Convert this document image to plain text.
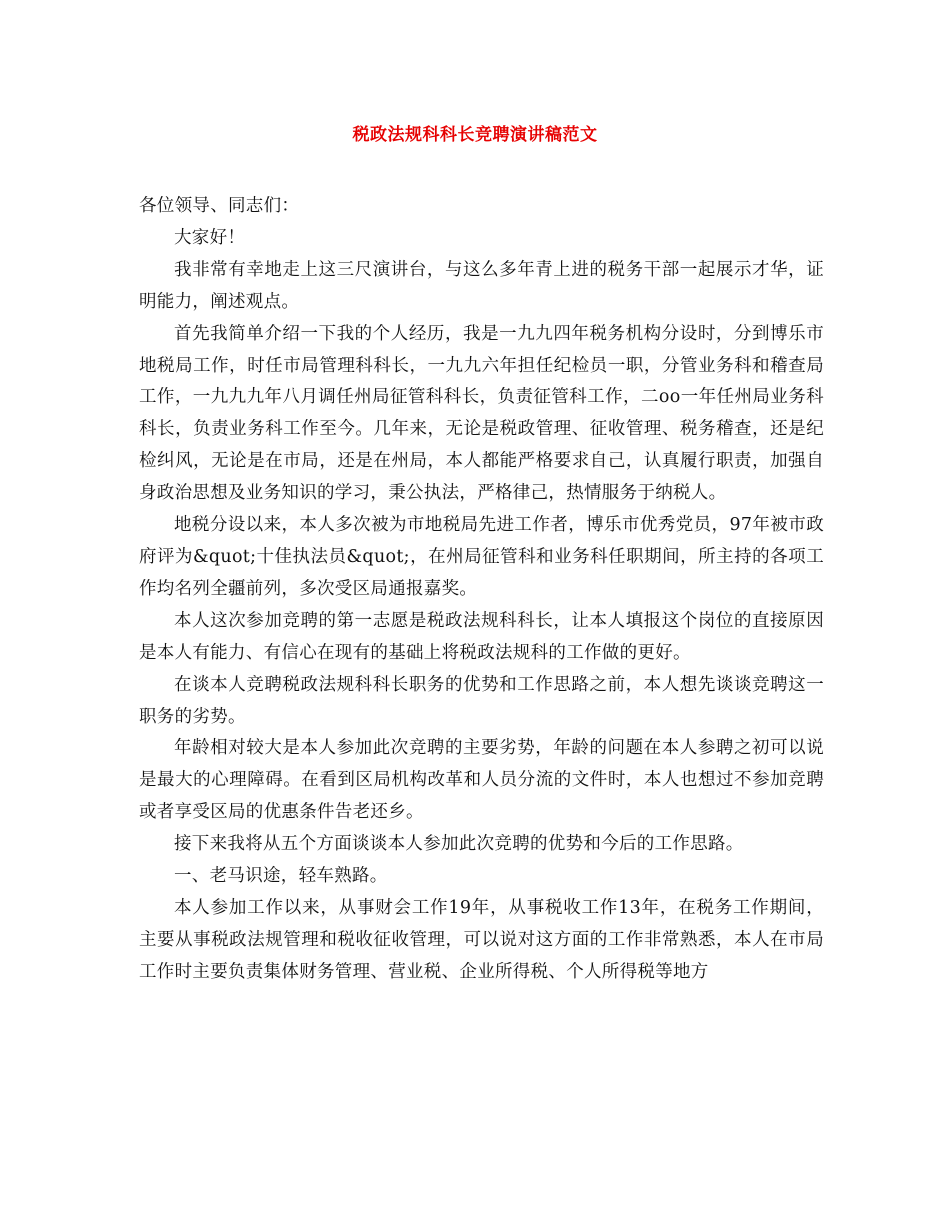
税政法规科科长竞聘演讲稿范文

各位领导、同志们：

大家好！

我非常有幸地走上这三尺演讲台，与这么多年青上进的税务干部一起展示才华，证明能力，阐述观点。

首先我简单介绍一下我的个人经历，我是一九九四年税务机构分设时，分到博乐市地税局工作，时任市局管理科科长，一九九六年担任纪检员一职，分管业务科和稽查局工作，一九九九年八月调任州局征管科科长，负责征管科工作，二oo一年任州局业务科科长，负责业务科工作至今。几年来，无论是税政管理、征收管理、税务稽查，还是纪检纠风，无论是在市局，还是在州局，本人都能严格要求自己，认真履行职责，加强自身政治思想及业务知识的学习，秉公执法，严格律己，热情服务于纳税人。

地税分设以来，本人多次被为市地税局先进工作者，博乐市优秀党员，97年被市政府评为&quot;十佳执法员&quot;，在州局征管科和业务科任职期间，所主持的各项工作均名列全疆前列，多次受区局通报嘉奖。

本人这次参加竞聘的第一志愿是税政法规科科长，让本人填报这个岗位的直接原因是本人有能力、有信心在现有的基础上将税政法规科的工作做的更好。

在谈本人竞聘税政法规科科长职务的优势和工作思路之前，本人想先谈谈竞聘这一职务的劣势。

年龄相对较大是本人参加此次竞聘的主要劣势，年龄的问题在本人参聘之初可以说是最大的心理障碍。在看到区局机构改革和人员分流的文件时，本人也想过不参加竞聘或者享受区局的优惠条件告老还乡。

接下来我将从五个方面谈谈本人参加此次竞聘的优势和今后的工作思路。

一、老马识途，轻车熟路。

本人参加工作以来，从事财会工作19年，从事税收工作13年，在税务工作期间，主要从事税政法规管理和税收征收管理，可以说对这方面的工作非常熟悉，本人在市局工作时主要负责集体财务管理、营业税、企业所得税、个人所得税等地方
